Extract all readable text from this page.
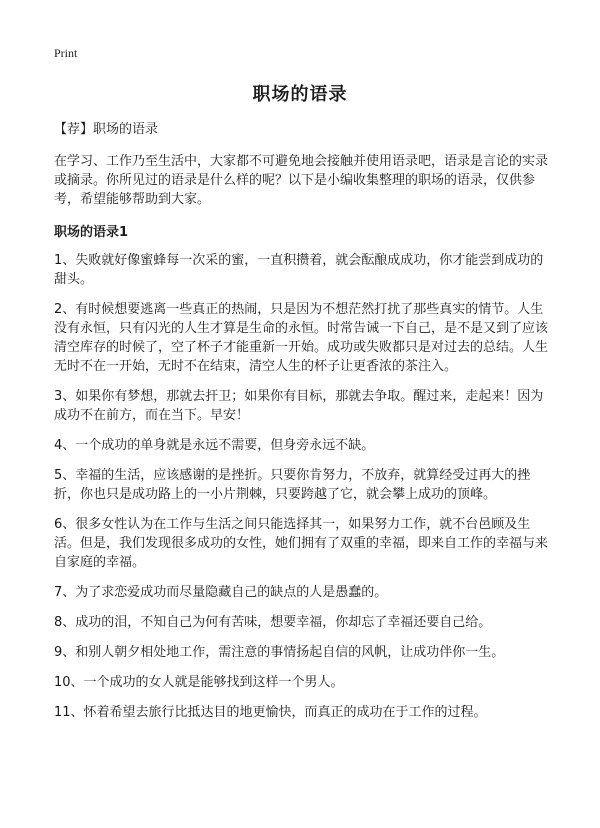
Print
职场的语录

【荐】职场的语录

在学习、工作乃至生活中，大家都不可避免地会接触并使用语录吧，语录是言论的实录或摘录。你所见过的语录是什么样的呢？以下是小编收集整理的职场的语录，仅供参考，希望能够帮助到大家。

职场的语录1
1、失败就好像蜜蜂每一次采的蜜，一直积攒着，就会酝酿成成功，你才能尝到成功的甜头。
2、有时候想要逃离一些真正的热闹，只是因为不想茫然打扰了那些真实的情节。人生没有永恒，只有闪光的人生才算是生命的永恒。时常告诫一下自己，是不是又到了应该清空库存的时候了，空了杯子才能重新一开始。成功或失败都只是对过去的总结。人生无时不在一开始，无时不在结束，清空人生的杯子让更香浓的茶注入。
3、如果你有梦想，那就去扞卫；如果你有目标，那就去争取。醒过来，走起来！因为成功不在前方，而在当下。早安！
4、一个成功的单身就是永远不需要，但身旁永远不缺。
5、幸福的生活，应该感谢的是挫折。只要你肯努力，不放弃，就算经受过再大的挫折，你也只是成功路上的一小片荆棘，只要跨越了它，就会攀上成功的顶峰。
6、很多女性认为在工作与生活之间只能选择其一，如果努力工作，就不台邑顾及生活。但是，我们发现很多成功的女性，她们拥有了双重的幸福，即来自工作的幸福与来自家庭的幸福。
7、为了求恋爱成功而尽量隐藏自己的缺点的人是愚蠢的。
8、成功的泪，不知自己为何有苦味，想要幸福，你却忘了幸福还要自己给。
9、和别人朝夕相处地工作，需注意的事情扬起自信的风帆，让成功伴你一生。
10、一个成功的女人就是能够找到这样一个男人。
11、怀着希望去旅行比抵达目的地更愉快，而真正的成功在于工作的过程。
